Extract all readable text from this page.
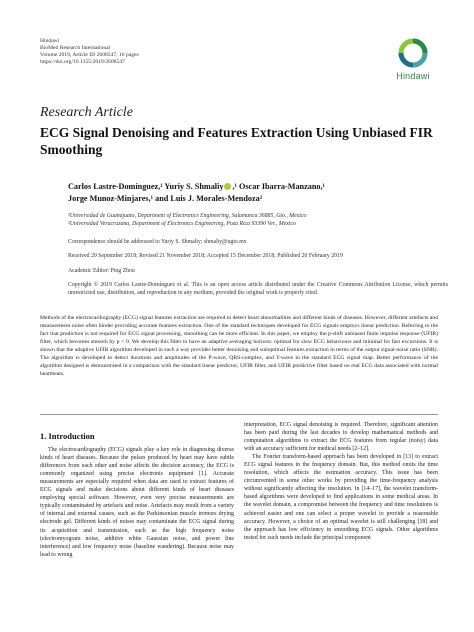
Hindawi
BioMed Research International
Volume 2019, Article ID 2608547, 16 pages
https://doi.org/10.1155/2019/2608547
Hindawi
Research Article
ECG Signal Denoising and Features Extraction Using Unbiased FIR Smoothing
Carlos Lastre-Domínguez,¹ Yuriy S. Shmaliy ,¹ Oscar Ibarra-Manzano,¹
Jorge Munoz-Minjares,¹ and Luis J. Morales-Mendoza²
¹Universidad de Guanajuato, Department of Electronics Engineering, Salamanca 36885, Gto., Mexico
²Universidad Veracruzana, Department of Electronics Engineering, Poza Rica 93390 Ver., Mexico
Correspondence should be addressed to Yuriy S. Shmaliy; shmaliy@ugto.mx
Received 20 September 2018; Revised 21 November 2018; Accepted 15 December 2018; Published 20 February 2019
Academic Editor: Ping Zhou
Copyright © 2019 Carlos Lastre-Domínguez et al. This is an open access article distributed under the Creative Commons Attribution License, which permits unrestricted use, distribution, and reproduction in any medium, provided the original work is properly cited.
Methods of the electrocardiography (ECG) signal features extraction are required to detect heart abnormalities and different kinds of diseases. However, different artefacts and measurement noise often hinder providing accurate features extraction. One of the standard techniques developed for ECG signals employs linear prediction. Referring to the fact that prediction is not required for ECG signal processing, smoothing can be more efficient. In this paper, we employ the p-shift unbiased finite impulse response (UFIR) filter, which becomes smooth by p < 0. We develop this filter to have an adaptive averaging horizon: optimal for slow ECG behaviours and minimal for fast excursions. It is shown that the adaptive UFIR algorithm developed in such a way provides better denoising and suboptimal features extraction in terms of the output signal-noise ratio (SNR). The algorithm is developed to detect durations and amplitudes of the P-wave, QRS-complex, and T-wave in the standard ECG signal map. Better performance of the algorithm designed is demonstrated in a comparison with the standard linear predictor, UFIR filter, and UFIR predictive filter based on real ECG data associated with normal heartbeats.
1. Introduction

The electrocardiography (ECG) signals play a key role in diagnosing diverse kinds of heart diseases. Because the pulses produced by heart may have subtle differences from each other and noise affects the decision accuracy, the ECG is commonly organized using precise electronic equipment [1]. Accurate measurements are especially required when data are used to extract features of ECG signals and make decisions about different kinds of heart diseases employing special software. However, even very precise measurements are typically contaminated by artefacts and noise. Artefacts may result from a variety of internal and external causes, such as the Parkinsonian muscle tremors drying electrode gel. Different kinds of noises may contaminate the ECG signal during its acquisition and transmission, such as the high frequency noise (electromyogram noise, additive white Gaussian noise, and power line interference) and low frequency noise (baseline wandering). Because noise may lead to wrong

interpretation, ECG signal denoising is required. Therefore, significant attention has been paid during the last decades to develop mathematical methods and computation algorithms to extract the ECG features from regular (noisy) data with an accuracy sufficient for medical needs [2–12].

The Fourier transform-based approach has been developed in [13] to extract ECG signal features in the frequency domain. But, this method omits the time resolution, which affects the estimation accuracy. This issue has been circumvented in some other works by providing the time-frequency analysis without significantly affecting the resolution. In [14–17], the wavelet transform-based algorithms were developed to find applications in some medical areas. In the wavelet domain, a compromise between the frequency and time resolutions is achieved easier and one can select a proper wavelet to provide a reasonable accuracy. However, a choice of an optimal wavelet is still challenging [18] and the approach has low efficiency in smoothing ECG signals. Other algorithms tested for such needs include the principal component
